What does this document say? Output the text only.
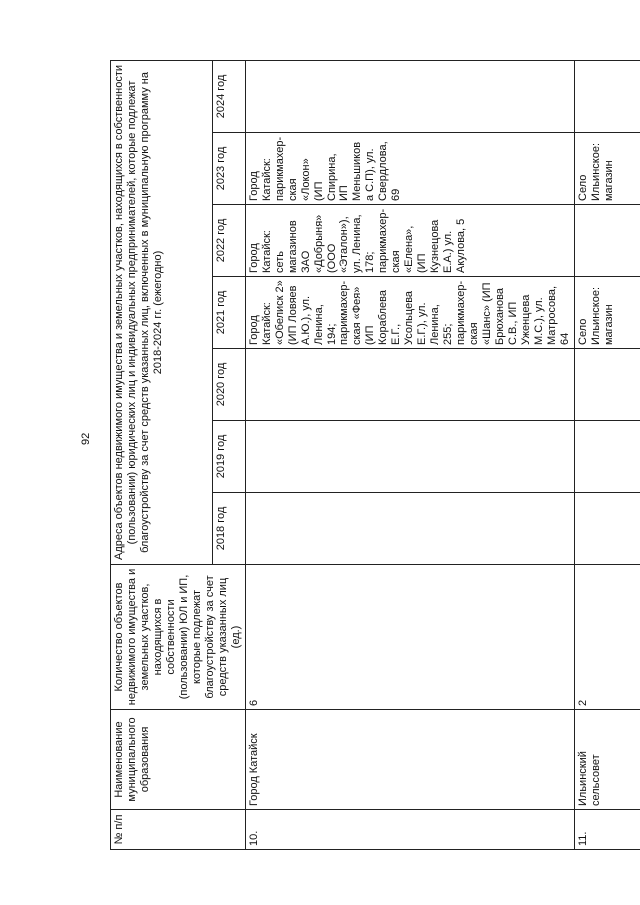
92
№ п/п	Наименование муниципального образования	Количество объектов недвижимого имущества и земельных участков, находящихся в собственности (пользовании) ЮЛ и ИП, которые подлежат благоустройству за счет средств указанных лиц (ед.)	Адреса объектов недвижимого имущества и земельных участков, находящихся в собственности (пользовании) юридических лиц и индивидуальных предпринимателей, которые подлежат благоустройству за счет средств указанных лиц, включенных в муниципальную программу на 2018-2024 гг. (ежегодно)						
			2018 год	2019 год	2020 год	2021 год	2022 год	2023 год	2024 год
10.	Город Катайск	6				Город Катайск: «Обелиск 2» (ИП Ловяев А.Ю.), ул. Ленина, 194; парикмахер-ская «Фея» (ИП Кораблева Е.Г., Усольцева Е.Г.), ул. Ленина, 255; парикмахер-ская «Шанс» (ИП Брюханова С.В., ИП Уженцева М.С.), ул. Матросова, 64	Город Катайск: сеть магазинов ЗАО «Добрыня» (ООО «Эталон»), ул. Ленина, 178; парикмахер-ская «Елена», (ИП Кузнецова Е.А.) ул. Акулова, 5	Город Катайск: парикмахер-ская «Локон» (ИП Спирина, ИП Меньшикова С.П), ул. Свердлова, 69	
11.	Ильинский сельсовет	2				Село Ильинское: магазин		Село Ильинское: магазин	
